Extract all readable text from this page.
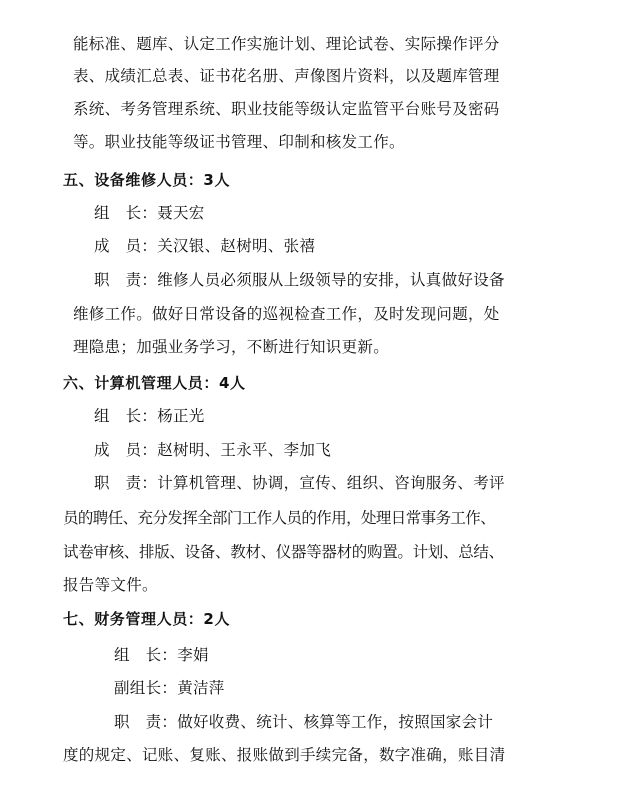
能标准、题库、认定工作实施计划、理论试卷、实际操作评分
表、成绩汇总表、证书花名册、声像图片资料，以及题库管理
系统、考务管理系统、职业技能等级认定监管平台账号及密码
等。职业技能等级证书管理、印制和核发工作。
五、设备维修人员：3人
组　长：聂天宏
成　员：关汉银、赵树明、张禧
职　责：维修人员必须服从上级领导的安排，认真做好设备
维修工作。做好日常设备的巡视检查工作，及时发现问题，处
理隐患；加强业务学习，不断进行知识更新。
六、计算机管理人员：4人
组　长：杨正光
成　员：赵树明、王永平、李加飞
职　责：计算机管理、协调，宣传、组织、咨询服务、考评
员的聘任、充分发挥全部门工作人员的作用，处理日常事务工作、
试卷审核、排版、设备、教材、仪器等器材的购置。计划、总结、
报告等文件。
七、财务管理人员：2人
组　长：李娟
副组长：黄洁萍
职　责：做好收费、统计、核算等工作，按照国家会计
度的规定、记账、复账、报账做到手续完备，数字准确，账目清
